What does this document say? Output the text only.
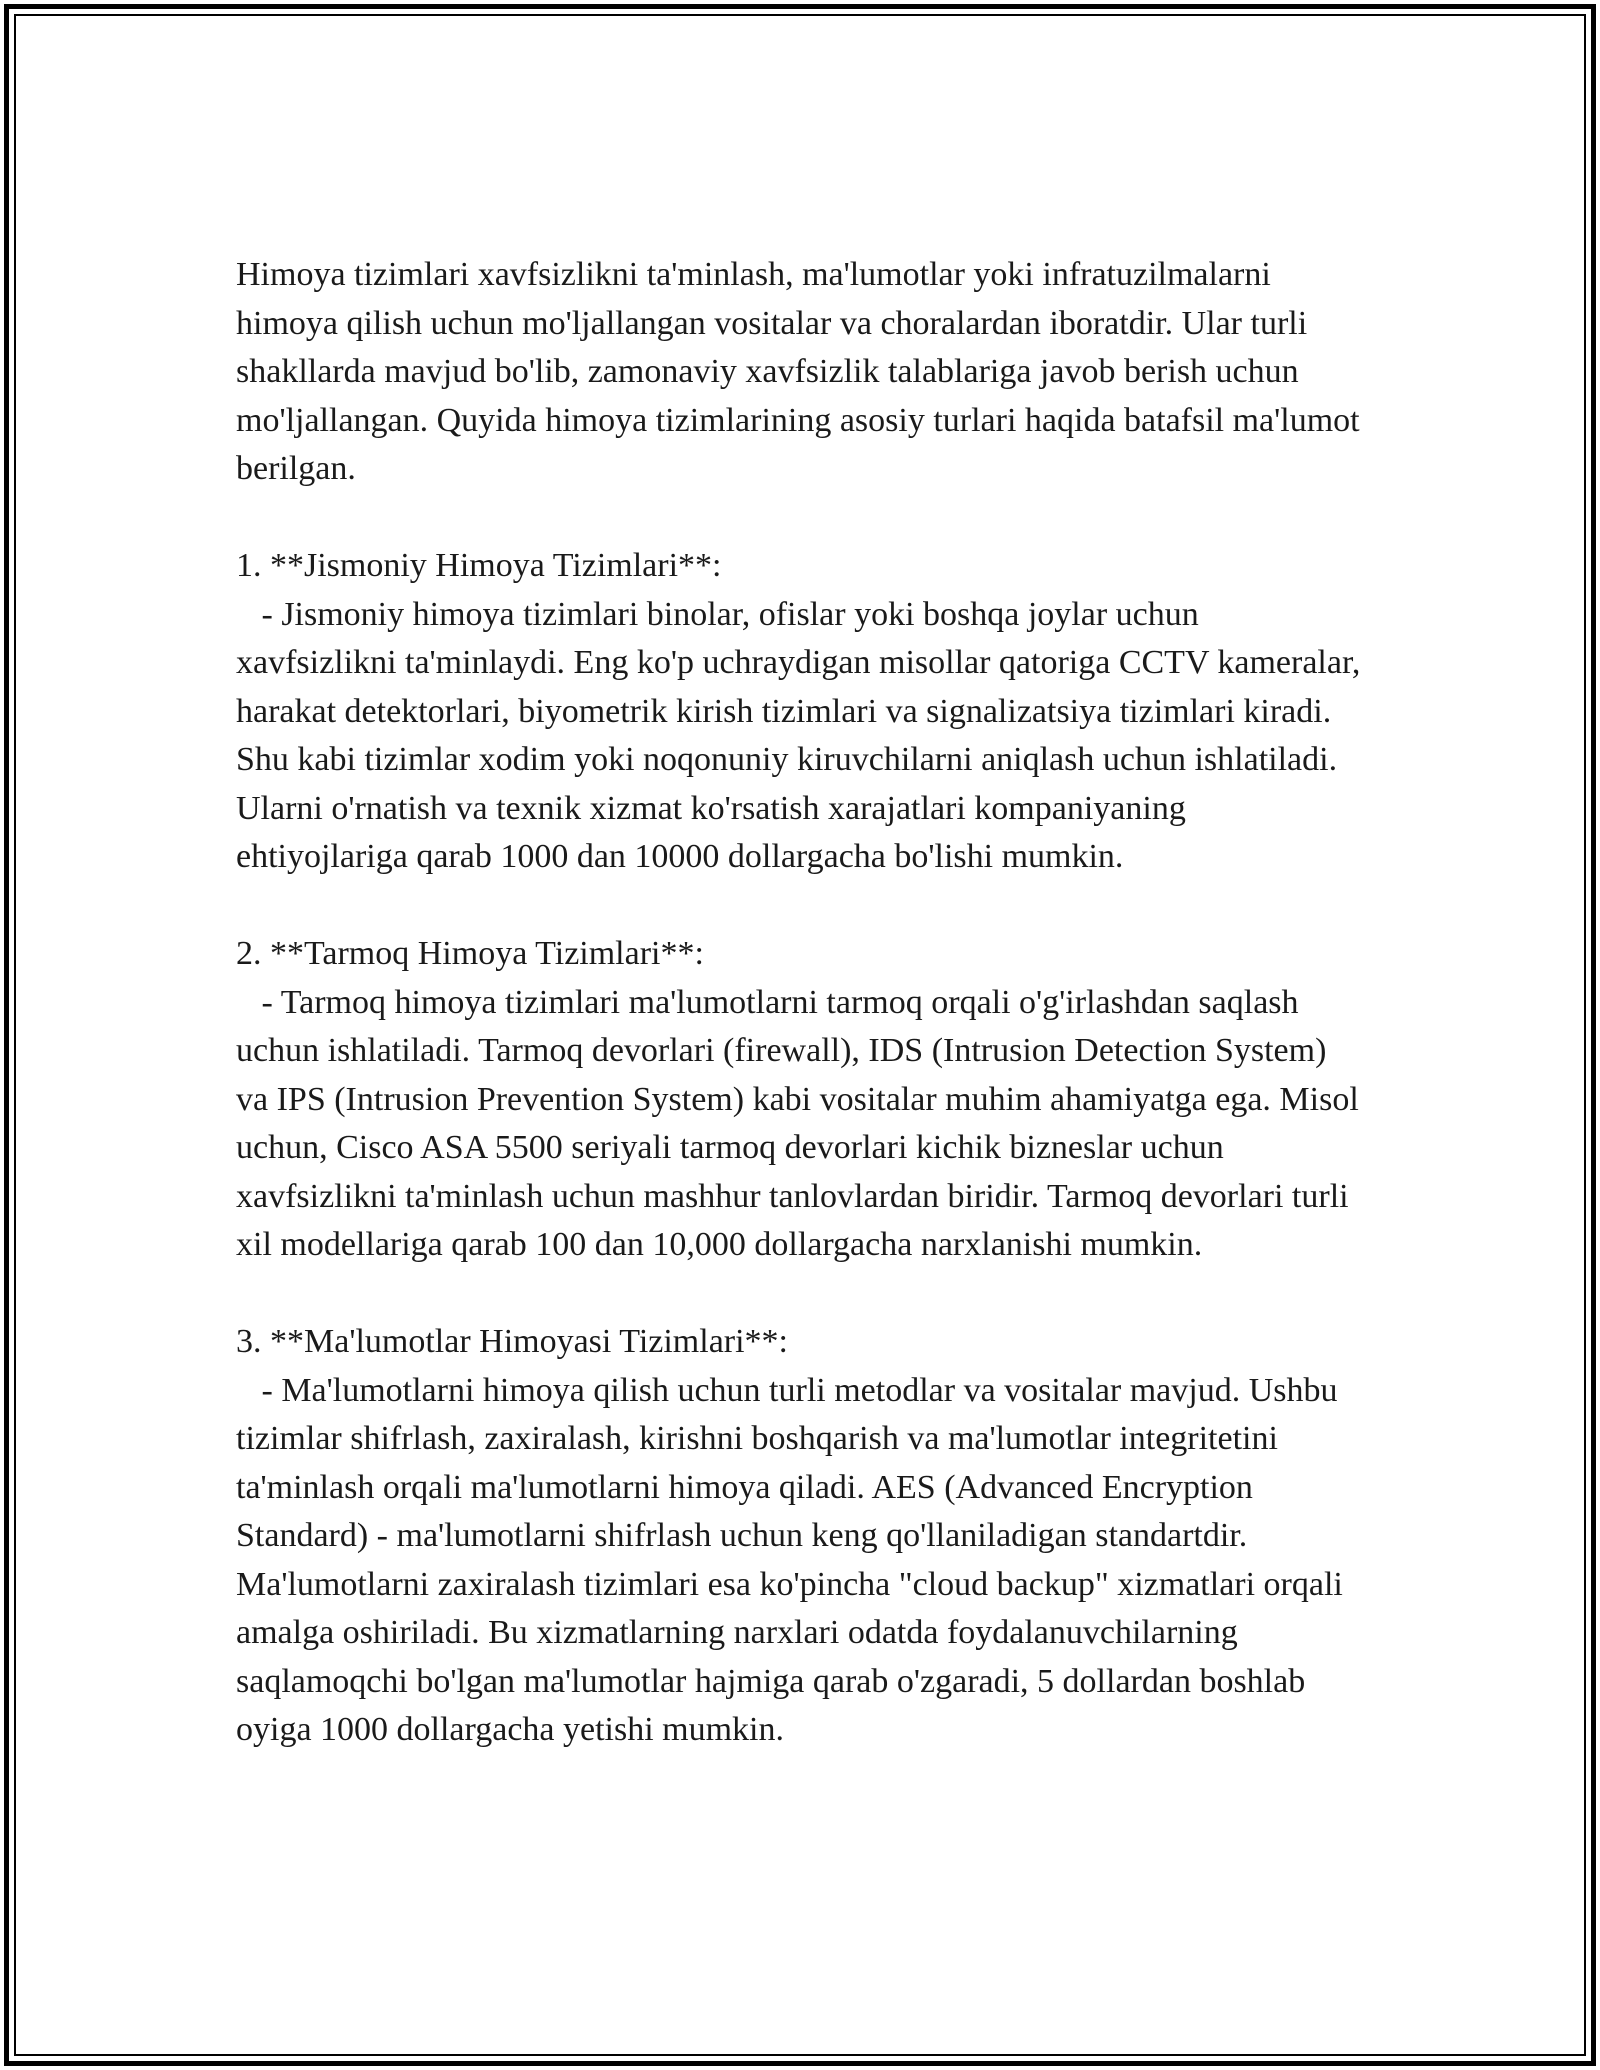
Himoya tizimlari xavfsizlikni ta'minlash, ma'lumotlar yoki infratuzilmalarni himoya qilish uchun mo'ljallangan vositalar va choralardan iboratdir. Ular turli shakllarda mavjud bo'lib, zamonaviy xavfsizlik talablariga javob berish uchun mo'ljallangan. Quyida himoya tizimlarining asosiy turlari haqida batafsil ma'lumot berilgan.

1. **Jismoniy Himoya Tizimlari**:

- Jismoniy himoya tizimlari binolar, ofislar yoki boshqa joylar uchun xavfsizlikni ta'minlaydi. Eng ko'p uchraydigan misollar qatoriga CCTV kameralar, harakat detektorlari, biyometrik kirish tizimlari va signalizatsiya tizimlari kiradi. Shu kabi tizimlar xodim yoki noqonuniy kiruvchilarni aniqlash uchun ishlatiladi. Ularni o'rnatish va texnik xizmat ko'rsatish xarajatlari kompaniyaning ehtiyojlariga qarab 1000 dan 10000 dollargacha bo'lishi mumkin.

2. **Tarmoq Himoya Tizimlari**:

- Tarmoq himoya tizimlari ma'lumotlarni tarmoq orqali o'g'irlashdan saqlash uchun ishlatiladi. Tarmoq devorlari (firewall), IDS (Intrusion Detection System) va IPS (Intrusion Prevention System) kabi vositalar muhim ahamiyatga ega. Misol uchun, Cisco ASA 5500 seriyali tarmoq devorlari kichik bizneslar uchun xavfsizlikni ta'minlash uchun mashhur tanlovlardan biridir. Tarmoq devorlari turli xil modellariga qarab 100 dan 10,000 dollargacha narxlanishi mumkin.

3. **Ma'lumotlar Himoyasi Tizimlari**:

- Ma'lumotlarni himoya qilish uchun turli metodlar va vositalar mavjud. Ushbu tizimlar shifrlash, zaxiralash, kirishni boshqarish va ma'lumotlar integritetini ta'minlash orqali ma'lumotlarni himoya qiladi. AES (Advanced Encryption Standard) - ma'lumotlarni shifrlash uchun keng qo'llaniladigan standartdir. Ma'lumotlarni zaxiralash tizimlari esa ko'pincha "cloud backup" xizmatlari orqali amalga oshiriladi. Bu xizmatlarning narxlari odatda foydalanuvchilarning saqlamoqchi bo'lgan ma'lumotlar hajmiga qarab o'zgaradi, 5 dollardan boshlab oyiga 1000 dollargacha yetishi mumkin.
